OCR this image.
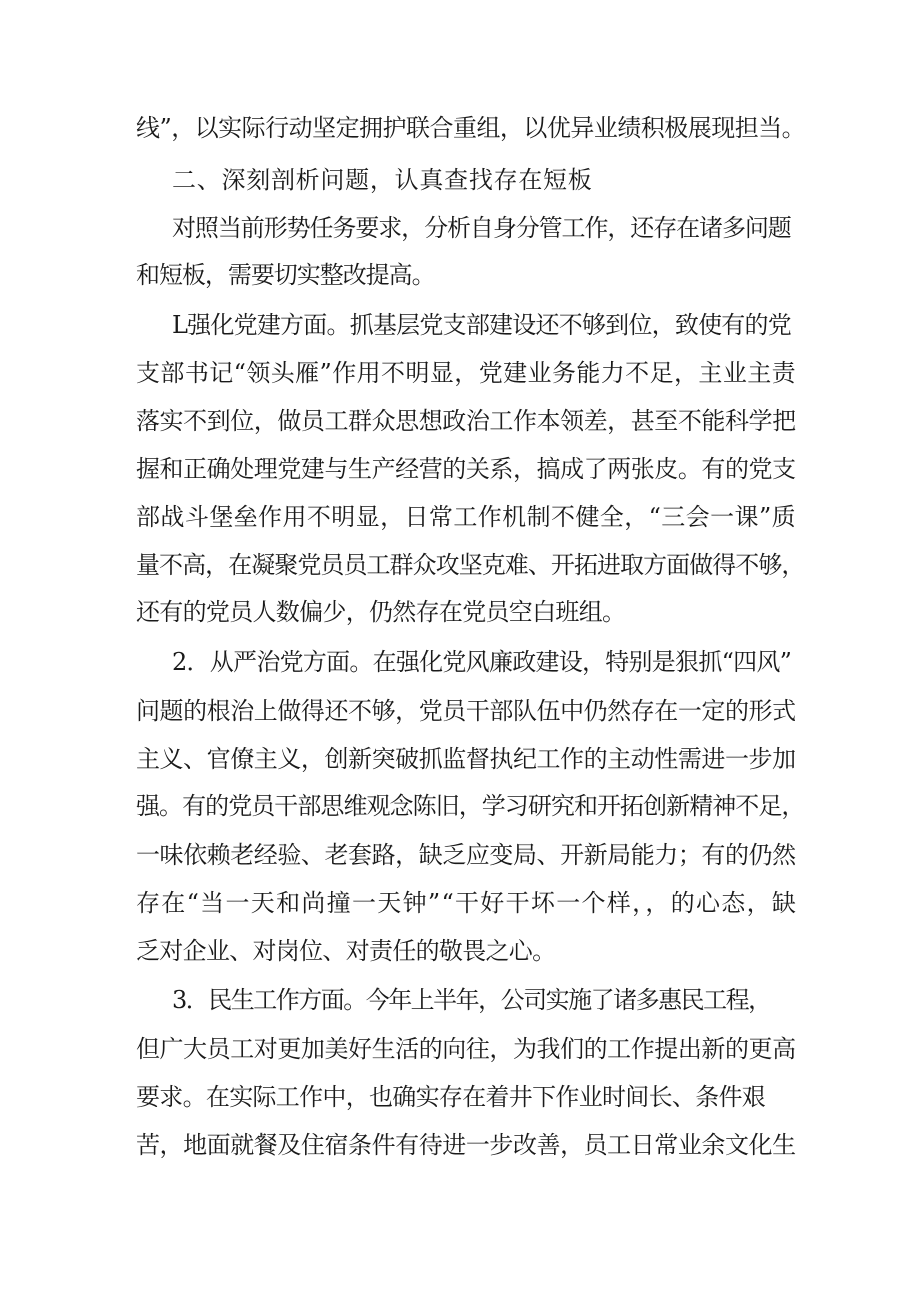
线”，以实际行动坚定拥护联合重组，以优异业绩积极展现担当。
二、深刻剖析问题，认真查找存在短板
对照当前形势任务要求，分析自身分管工作，还存在诸多问题
和短板，需要切实整改提高。
L强化党建方面。抓基层党支部建设还不够到位，致使有的党
支部书记“领头雁”作用不明显，党建业务能力不足，主业主责
落实不到位，做员工群众思想政治工作本领差，甚至不能科学把
握和正确处理党建与生产经营的关系，搞成了两张皮。有的党支
部战斗堡垒作用不明显，日常工作机制不健全，“三会一课”质
量不高，在凝聚党员员工群众攻坚克难、开拓进取方面做得不够，
还有的党员人数偏少，仍然存在党员空白班组。
2．从严治党方面。在强化党风廉政建设，特别是狠抓“四风”
问题的根治上做得还不够，党员干部队伍中仍然存在一定的形式
主义、官僚主义，创新突破抓监督执纪工作的主动性需进一步加
强。有的党员干部思维观念陈旧，学习研究和开拓创新精神不足，
一味依赖老经验、老套路，缺乏应变局、开新局能力；有的仍然
存在“当一天和尚撞一天钟”“干好干坏一个样，，的心态，缺
乏对企业、对岗位、对责任的敬畏之心。
3．民生工作方面。今年上半年，公司实施了诸多惠民工程，
但广大员工对更加美好生活的向往，为我们的工作提出新的更高
要求。在实际工作中，也确实存在着井下作业时间长、条件艰
苦，地面就餐及住宿条件有待进一步改善，员工日常业余文化生
